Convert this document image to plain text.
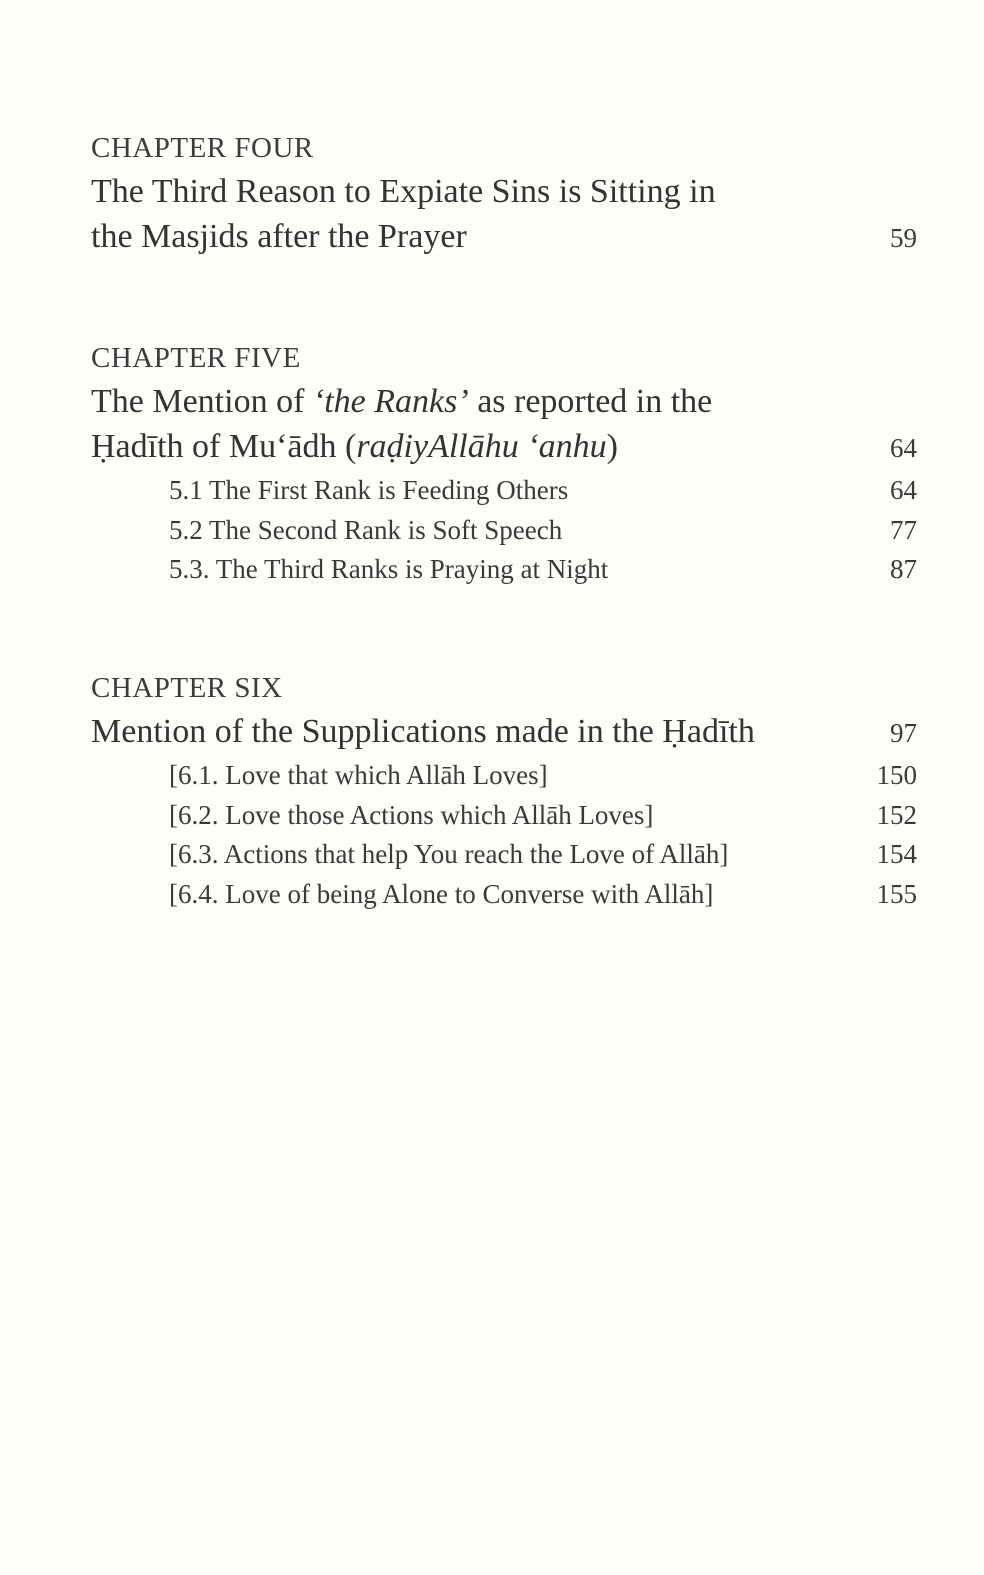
CHAPTER FOUR
The Third Reason to Expiate Sins is Sitting in
the Masjids after the Prayer	59
CHAPTER FIVE
The Mention of ‘the Ranks’ as reported in the
Ḥadīth of Mu‘ādh (raḍiyAllāhu ‘anhu)	64
5.1 The First Rank is Feeding Others	64
5.2 The Second Rank is Soft Speech	77
5.3. The Third Ranks is Praying at Night	87
CHAPTER SIX
Mention of the Supplications made in the Ḥadīth	97
[6.1. Love that which Allāh Loves]	150
[6.2. Love those Actions which Allāh Loves]	152
[6.3. Actions that help You reach the Love of Allāh]	154
[6.4. Love of being Alone to Converse with Allāh]	155
